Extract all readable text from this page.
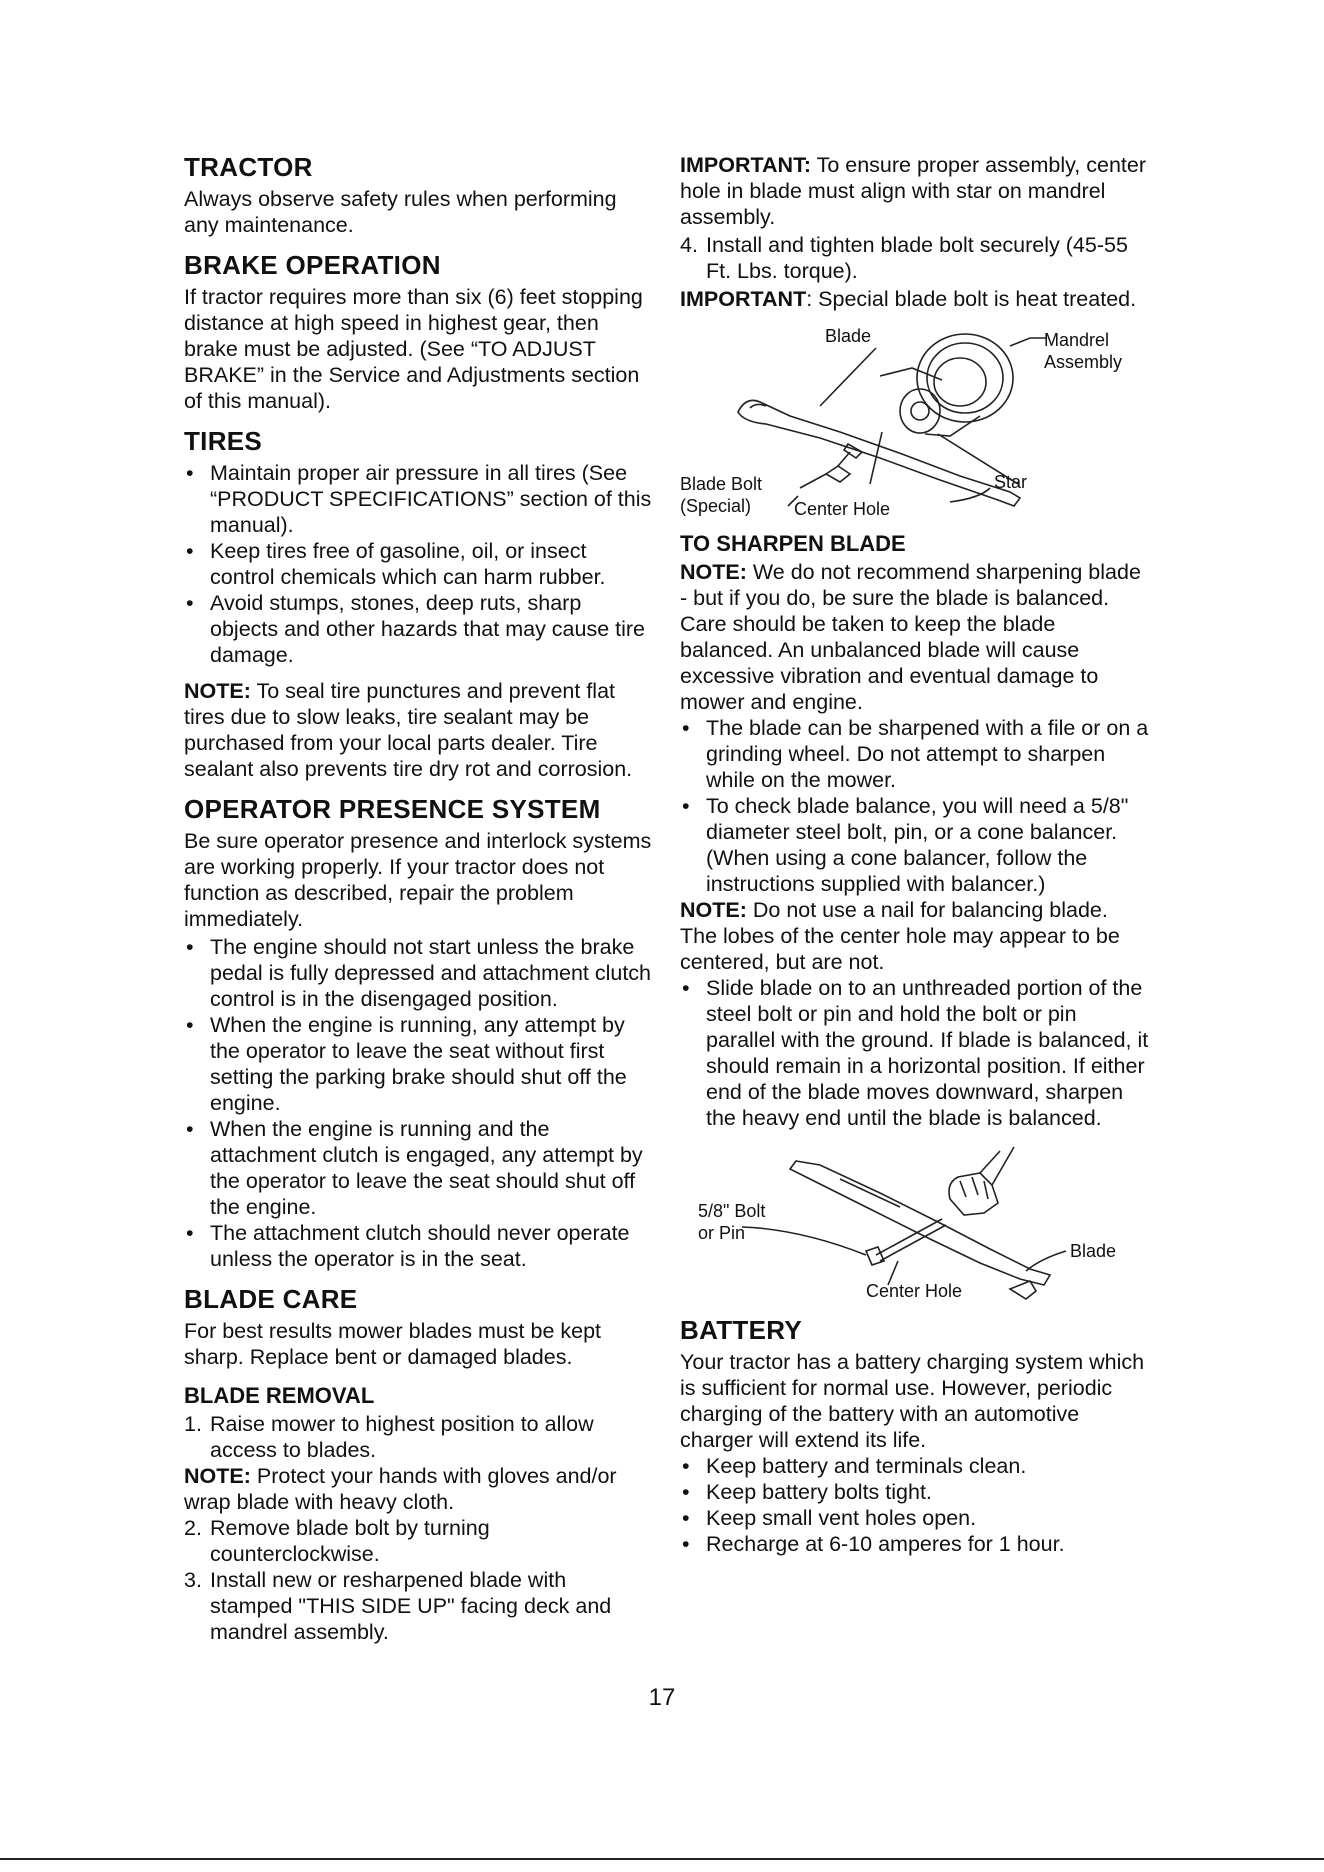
TRACTOR

Always observe safety rules when performing any maintenance.

BRAKE OPERATION

If tractor requires more than six (6) feet stopping distance at high speed in highest gear, then brake must be adjusted. (See “TO ADJUST BRAKE” in the Service and Adjustments section of this manual).

TIRES
• Maintain proper air pressure in all tires (See “PRODUCT SPECIFICATIONS” section of this manual).
• Keep tires free of gasoline, oil, or insect control chemicals which can harm rubber.
• Avoid stumps, stones, deep ruts, sharp objects and other hazards that may cause tire damage.

NOTE: To seal tire punctures and prevent flat tires due to slow leaks, tire sealant may be purchased from your local parts dealer. Tire sealant also prevents tire dry rot and corrosion.

OPERATOR PRESENCE SYSTEM

Be sure operator presence and interlock systems are working properly. If your tractor does not function as described, repair the problem immediately.

• The engine should not start unless the brake pedal is fully depressed and attachment clutch control is in the disengaged position.
• When the engine is running, any attempt by the operator to leave the seat without first setting the parking brake should shut off the engine.
• When the engine is running and the attachment clutch is engaged, any attempt by the operator to leave the seat should shut off the engine.
• The attachment clutch should never operate unless the operator is in the seat.
BLADE CARE

For best results mower blades must be kept sharp. Replace bent or damaged blades.

BLADE REMOVAL
1. Raise mower to highest position to allow access to blades.

NOTE: Protect your hands with gloves and/or wrap blade with heavy cloth.

2. Remove blade bolt by turning counterclockwise.
3. Install new or resharpened blade with stamped "THIS SIDE UP" facing deck and mandrel assembly.

IMPORTANT: To ensure proper assembly, center hole in blade must align with star on mandrel assembly.

4. Install and tighten blade bolt securely (45-55 Ft. Lbs. torque).

IMPORTANT: Special blade bolt is heat treated.

Blade	Mandrel
Assembly
Blade Bolt
(Special) Center Hole
Star
TO SHARPEN BLADE

NOTE: We do not recommend sharpening blade - but if you do, be sure the blade is balanced.

Care should be taken to keep the blade balanced. An unbalanced blade will cause excessive vibration and eventual damage to mower and engine.

• The blade can be sharpened with a file or on a grinding wheel. Do not attempt to sharpen while on the mower.
• To check blade balance, you will need a 5/8" diameter steel bolt, pin, or a cone balancer. (When using a cone balancer, follow the instructions supplied with balancer.)

NOTE: Do not use a nail for balancing blade. The lobes of the center hole may appear to be centered, but are not.

• Slide blade on to an unthreaded portion of the steel bolt or pin and hold the bolt or pin parallel with the ground. If blade is balanced, it should remain in a horizontal position. If either end of the blade moves downward, sharpen the heavy end until the blade is balanced.
5/8" Bolt
or Pin
Blade
Center Hole
BATTERY

Your tractor has a battery charging system which is sufficient for normal use. However, periodic charging of the battery with an automotive charger will extend its life.

• Keep battery and terminals clean.
• Keep battery bolts tight.
• Keep small vent holes open.
• Recharge at 6-10 amperes for 1 hour.
17
